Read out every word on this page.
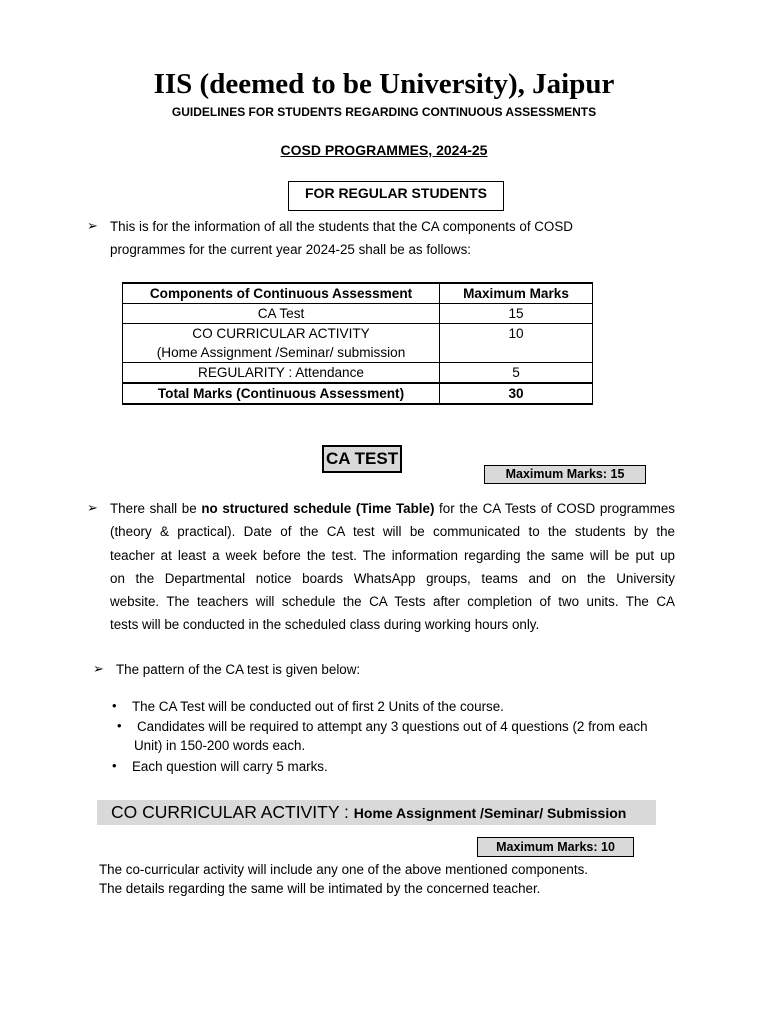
IIS (deemed to be University), Jaipur
GUIDELINES FOR STUDENTS REGARDING CONTINUOUS ASSESSMENTS
COSD PROGRAMMES, 2024-25
FOR REGULAR STUDENTS
➢ This is for the information of all the students that the CA components of COSD
programmes for the current year 2024-25 shall be as follows:
Components of Continuous Assessment	Maximum Marks
CA Test	15

CO CURRICULAR ACTIVITY
(Home Assignment /Seminar/ submission	10
REGULARITY : Attendance	5
Total Marks (Continuous Assessment)	30
CA TEST
Maximum Marks: 15
➢ There shall be no structured schedule (Time Table) for the CA Tests of COSD programmes
(theory & practical). Date of the CA test will be communicated to the students by the
teacher at least a week before the test. The information regarding the same will be put up
on the Departmental notice boards WhatsApp groups, teams and on the University
website. The teachers will schedule the CA Tests after completion of two units. The CA
tests will be conducted in the scheduled class during working hours only.
➢ The pattern of the CA test is given below:
• The CA Test will be conducted out of first 2 Units of the course.
• Candidates will be required to attempt any 3 questions out of 4 questions (2 from each
Unit) in 150-200 words each.
• Each question will carry 5 marks.
CO CURRICULAR ACTIVITY : Home Assignment /Seminar/ Submission
Maximum Marks: 10
The co-curricular activity will include any one of the above mentioned components.
The details regarding the same will be intimated by the concerned teacher.
